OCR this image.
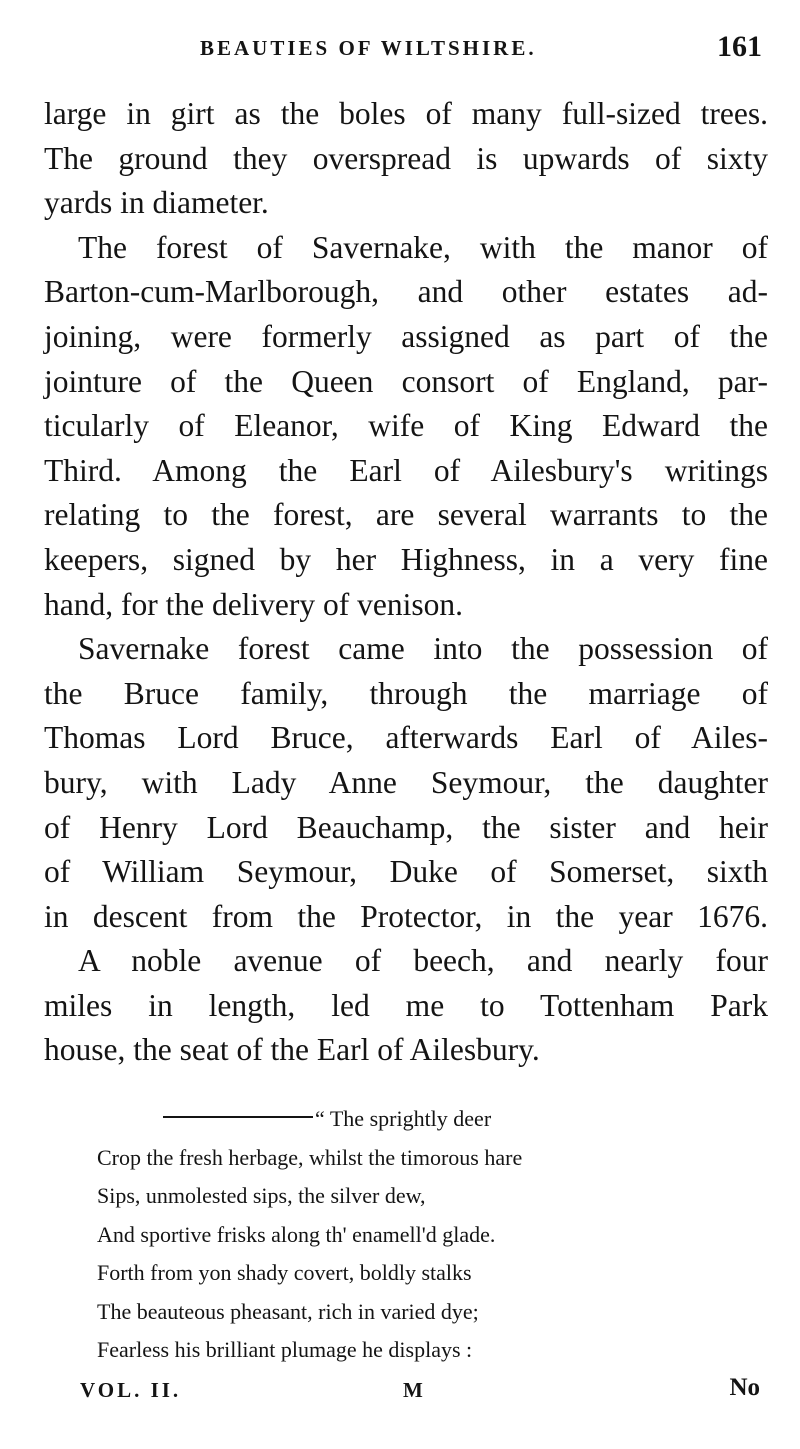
BEAUTIES OF WILTSHIRE.	161
large in girt as the boles of many full-sized trees.
The ground they overspread is upwards of sixty
yards in diameter.
The forest of Savernake, with the manor of
Barton-cum-Marlborough, and other estates ad-
joining, were formerly assigned as part of the
jointure of the Queen consort of England, par-
ticularly of Eleanor, wife of King Edward the
Third. Among the Earl of Ailesbury's writings
relating to the forest, are several warrants to the
keepers, signed by her Highness, in a very fine
hand, for the delivery of venison.
Savernake forest came into the possession of
the Bruce family, through the marriage of
Thomas Lord Bruce, afterwards Earl of Ailes-
bury, with Lady Anne Seymour, the daughter
of Henry Lord Beauchamp, the sister and heir
of William Seymour, Duke of Somerset, sixth
in descent from the Protector, in the year 1676.
A noble avenue of beech, and nearly four
miles in length, led me to Tottenham Park
house, the seat of the Earl of Ailesbury.
“ The sprightly deer
Crop the fresh herbage, whilst the timorous hare
Sips, unmolested sips, the silver dew,
And sportive frisks along th' enamell'd glade.
Forth from yon shady covert, boldly stalks
The beauteous pheasant, rich in varied dye;
Fearless his brilliant plumage he displays :
VOL. II.	M	No
